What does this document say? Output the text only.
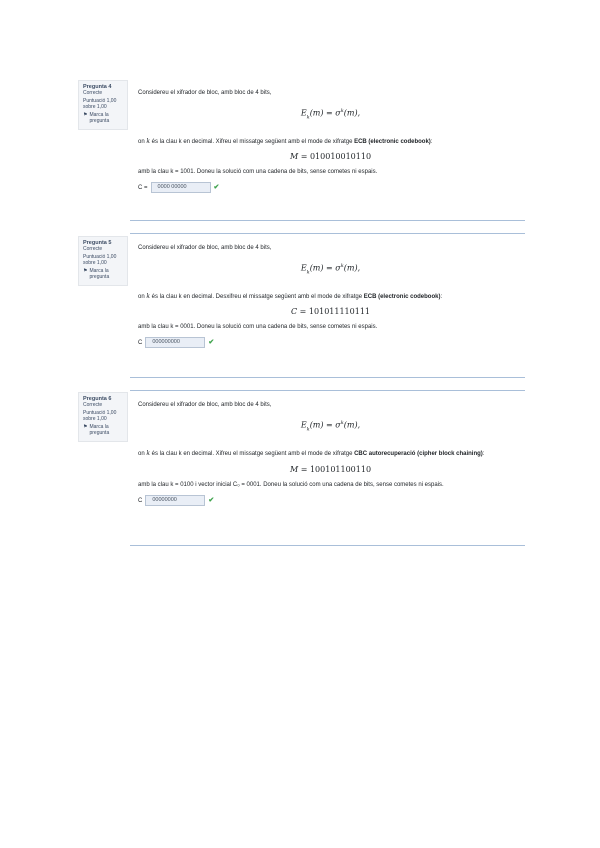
Pregunta 4
Correcte
Puntuació 1,00 sobre 1,00
⚑ Marca la pregunta

Considereu el xifrador de bloc, amb bloc de 4 bits,

$E_k(m) = \sigma^k(m)$,

on k és la clau k en decimal. Xifreu el missatge següent amb el mode de xifratge ECB (electronic codebook):

M = 010010010110

amb la clau k = 1001. Doneu la solució com una cadena de bits, sense cometes ni espais.

C =	0000 00000	✔
Pregunta 5
Correcte
Puntuació 1,00 sobre 1,00
⚑ Marca la pregunta

Considereu el xifrador de bloc, amb bloc de 4 bits,

$E_k(m) = \sigma^k(m)$,

on k és la clau k en decimal. Desxifreu el missatge següent amb el mode de xifratge ECB (electronic codebook):

C = 101011110111

amb la clau k = 0001. Doneu la solució com una cadena de bits, sense cometes ni espais.

C	000000000	✔
Pregunta 6
Correcte
Puntuació 1,00 sobre 1,00
⚑ Marca la pregunta

Considereu el xifrador de bloc, amb bloc de 4 bits,

$E_k(m) = \sigma^k(m)$,

on k és la clau k en decimal. Xifreu el missatge següent amb el mode de xifratge CBC autorecuperació (cipher block chaining):

M = 100101100110

amb la clau k = 0100 i vector inicial C₀ = 0001. Doneu la solució com una cadena de bits, sense cometes ni espais.

C	00000000	✔
